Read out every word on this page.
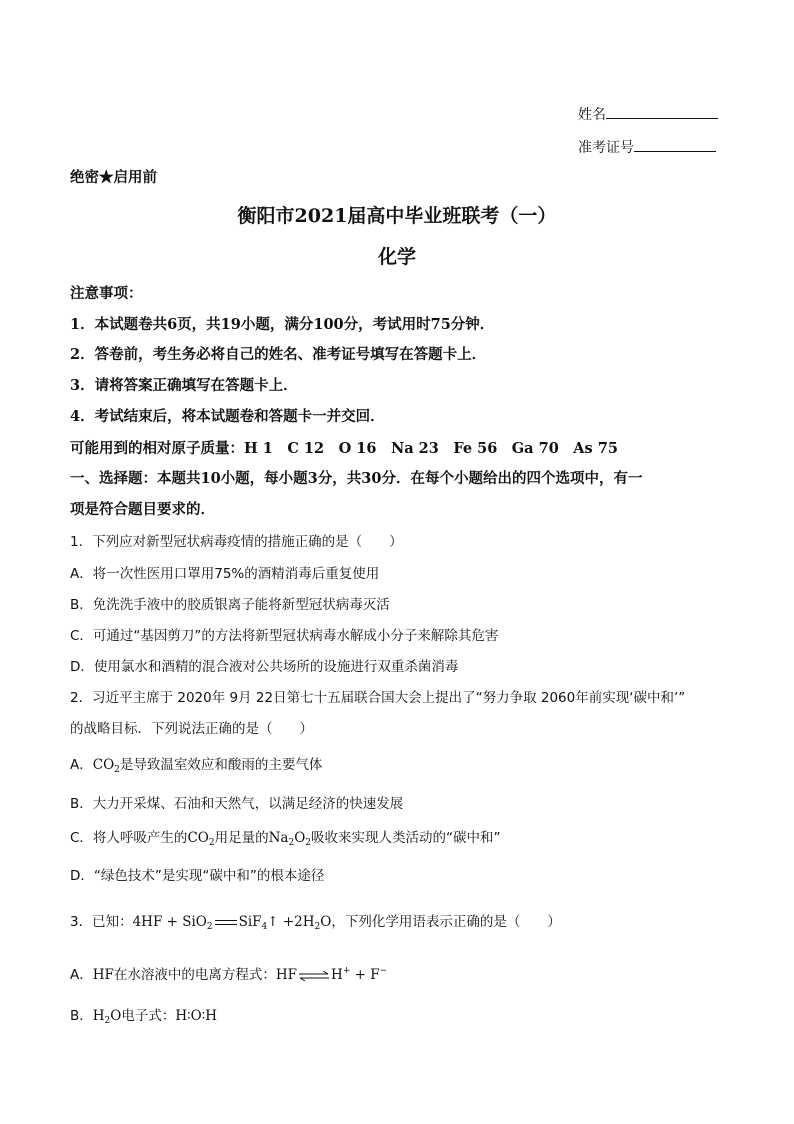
姓名
准考证号
绝密★启用前
衡阳市2021届高中毕业班联考（一）
化学
注意事项：
1．本试题卷共6页，共19小题，满分100分，考试用时75分钟．
2．答卷前，考生务必将自己的姓名、准考证号填写在答题卡上．
3．请将答案正确填写在答题卡上．
4．考试结束后，将本试题卷和答题卡一并交回．
可能用到的相对原子质量：H 1　C 12　O 16　Na 23　Fe 56　Ga 70　As 75
一、选择题：本题共10小题，每小题3分，共30分．在每个小题给出的四个选项中，有一
项是符合题目要求的．
1．下列应对新型冠状病毒疫情的措施正确的是（　　）
A．将一次性医用口罩用75%的酒精消毒后重复使用
B．免洗洗手液中的胶质银离子能将新型冠状病毒灭活
C．可通过“基因剪刀”的方法将新型冠状病毒水解成小分子来解除其危害
D．使用氯水和酒精的混合液对公共场所的设施进行双重杀菌消毒
2．习近平主席于 2020年 9月 22日第七十五届联合国大会上提出了“努力争取 2060年前实现‘碳中和’”
的战略目标．下列说法正确的是（　　）
A．$CO_2$是导致温室效应和酸雨的主要气体
B．大力开采煤、石油和天然气，以满足经济的快速发展
C．将人呼吸产生的$CO_2$用足量的$Na_2O_2$吸收来实现人类活动的“碳中和”
D．“绿色技术”是实现“碳中和”的根本途径
3．已知：4HF + SiO$_2$ SiF$_4$↑ $+2H_2O$，下列化学用语表示正确的是（　　）
A．HF在水溶液中的电离方程式：HF⇌H+ + F−
B．$H_2O$电子式：H∶O∶H
